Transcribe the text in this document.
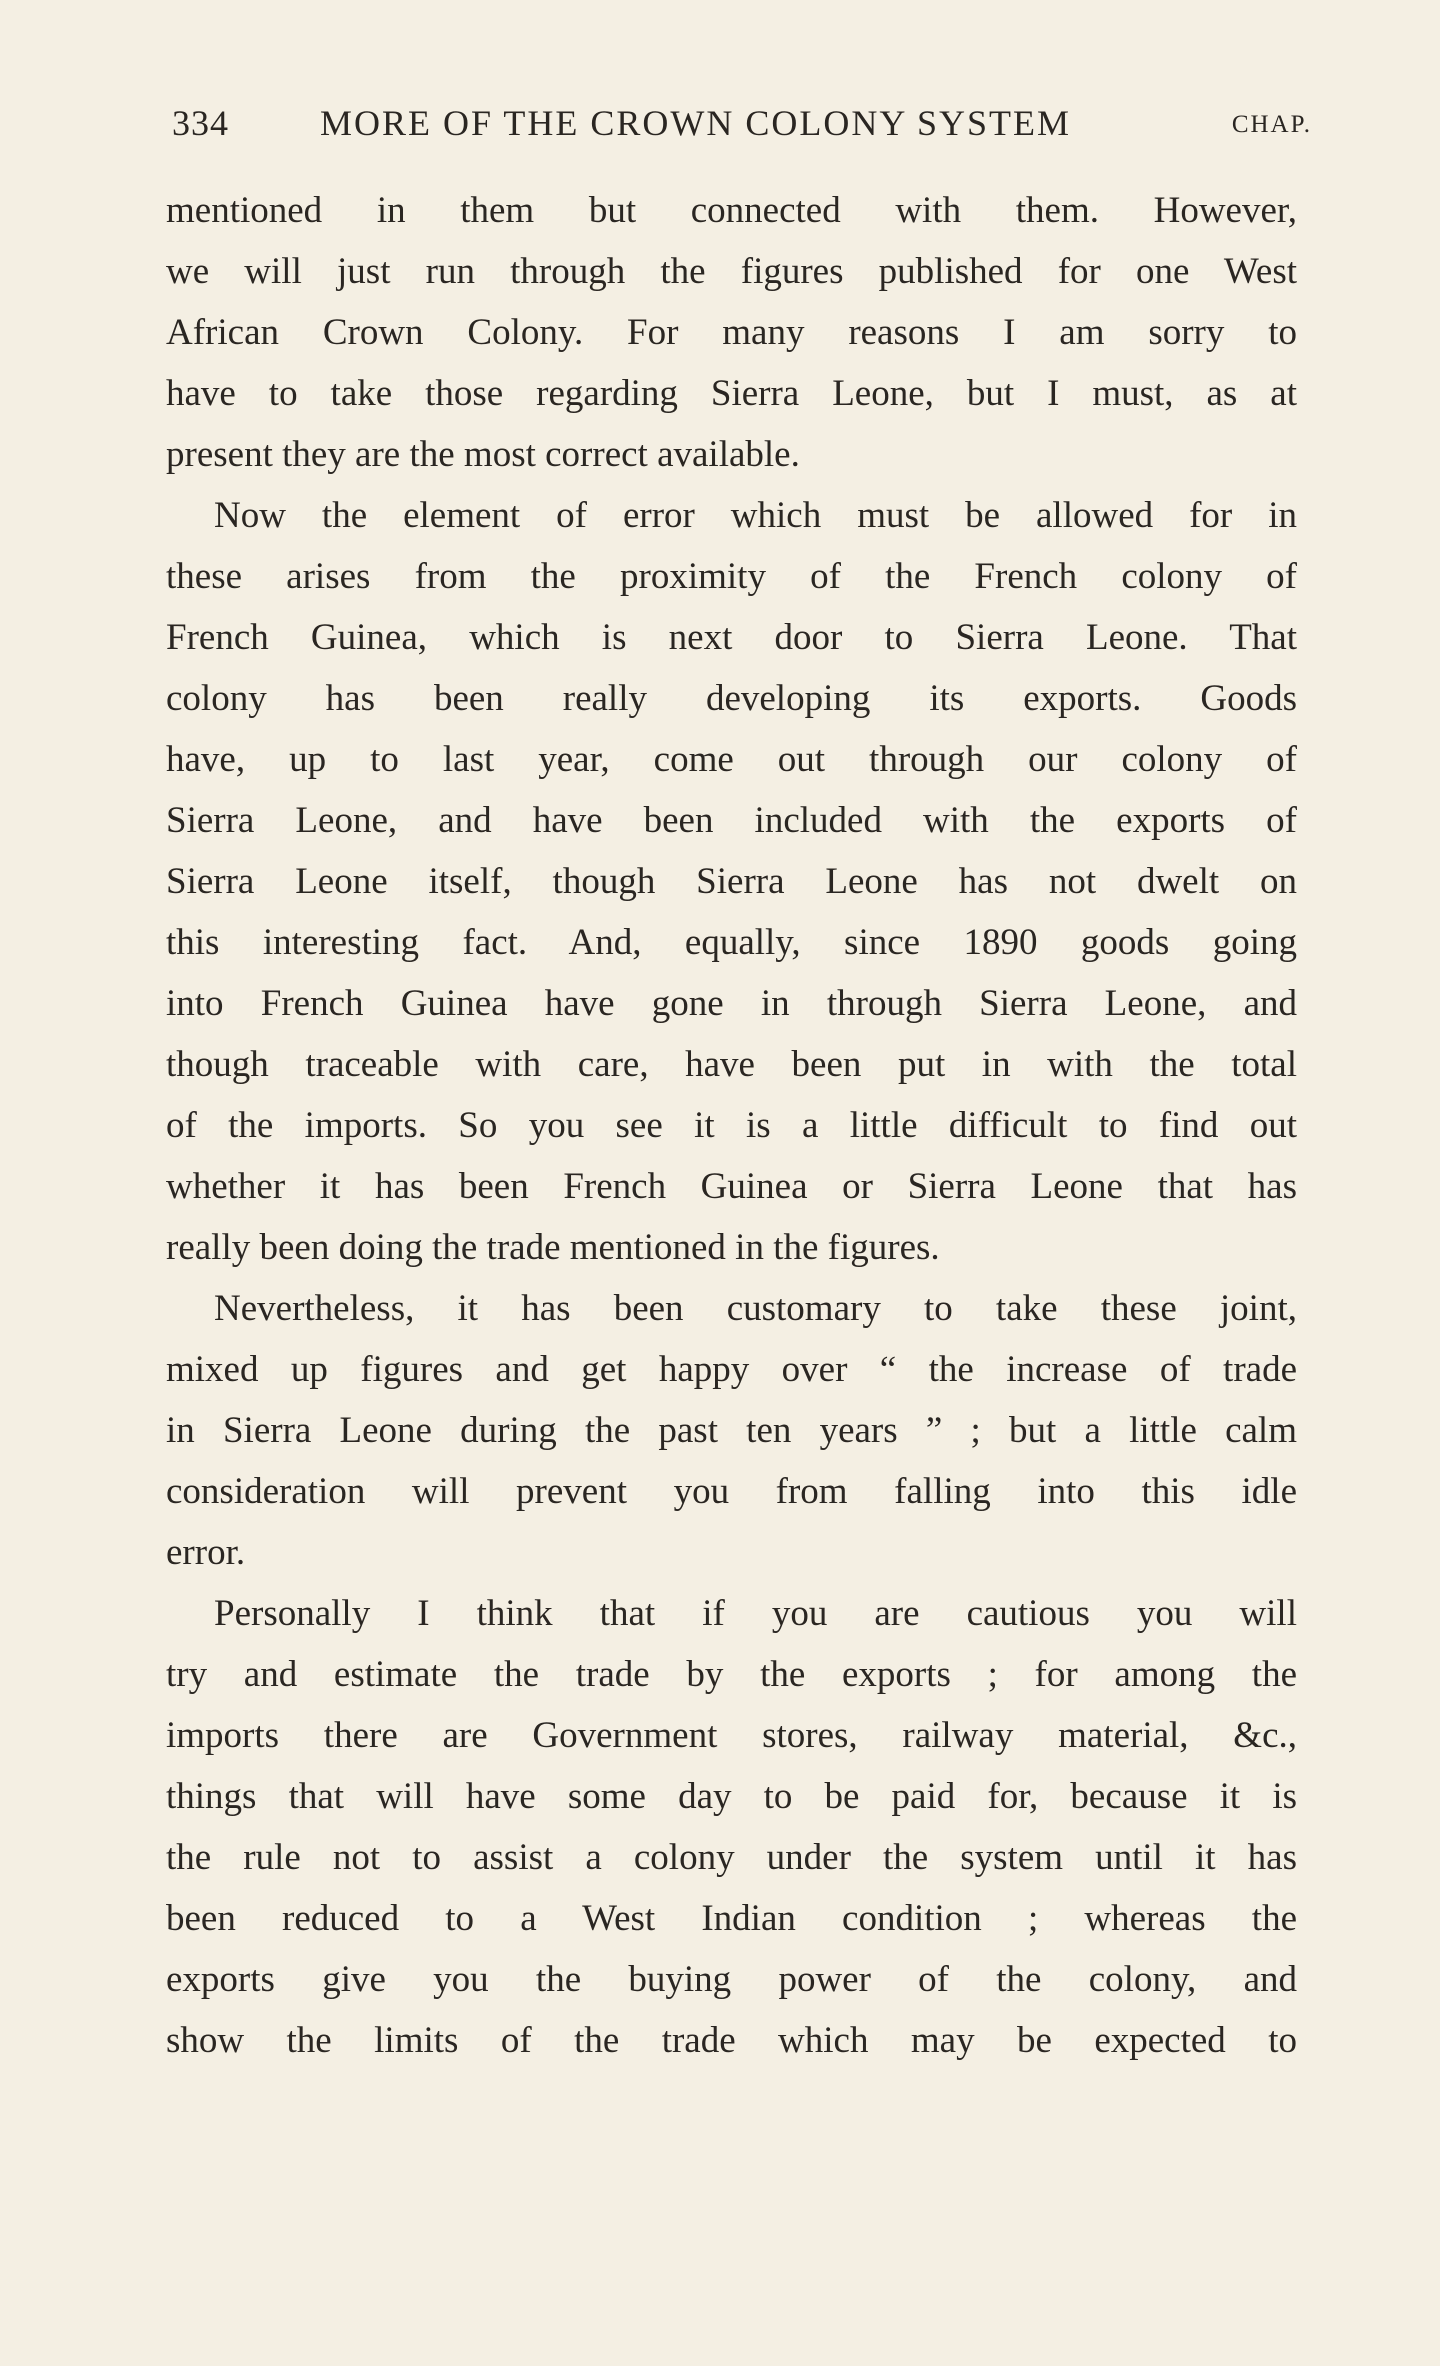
334	MORE OF THE CROWN COLONY SYSTEM	CHAP.
mentioned in them but connected with them. However,
we will just run through the figures published for one West
African Crown Colony. For many reasons I am sorry to
have to take those regarding Sierra Leone, but I must, as at
present they are the most correct available.
Now the element of error which must be allowed for in
these arises from the proximity of the French colony of
French Guinea, which is next door to Sierra Leone. That
colony has been really developing its exports. Goods
have, up to last year, come out through our colony of
Sierra Leone, and have been included with the exports of
Sierra Leone itself, though Sierra Leone has not dwelt on
this interesting fact. And, equally, since 1890 goods going
into French Guinea have gone in through Sierra Leone, and
though traceable with care, have been put in with the total
of the imports. So you see it is a little difficult to find out
whether it has been French Guinea or Sierra Leone that has
really been doing the trade mentioned in the figures.
Nevertheless, it has been customary to take these joint,
mixed up figures and get happy over “ the increase of trade
in Sierra Leone during the past ten years ” ; but a little calm
consideration will prevent you from falling into this idle
error.
Personally I think that if you are cautious you will
try and estimate the trade by the exports ; for among the
imports there are Government stores, railway material, &c.,
things that will have some day to be paid for, because it is
the rule not to assist a colony under the system until it has
been reduced to a West Indian condition ; whereas the
exports give you the buying power of the colony, and
show the limits of the trade which may be expected to
